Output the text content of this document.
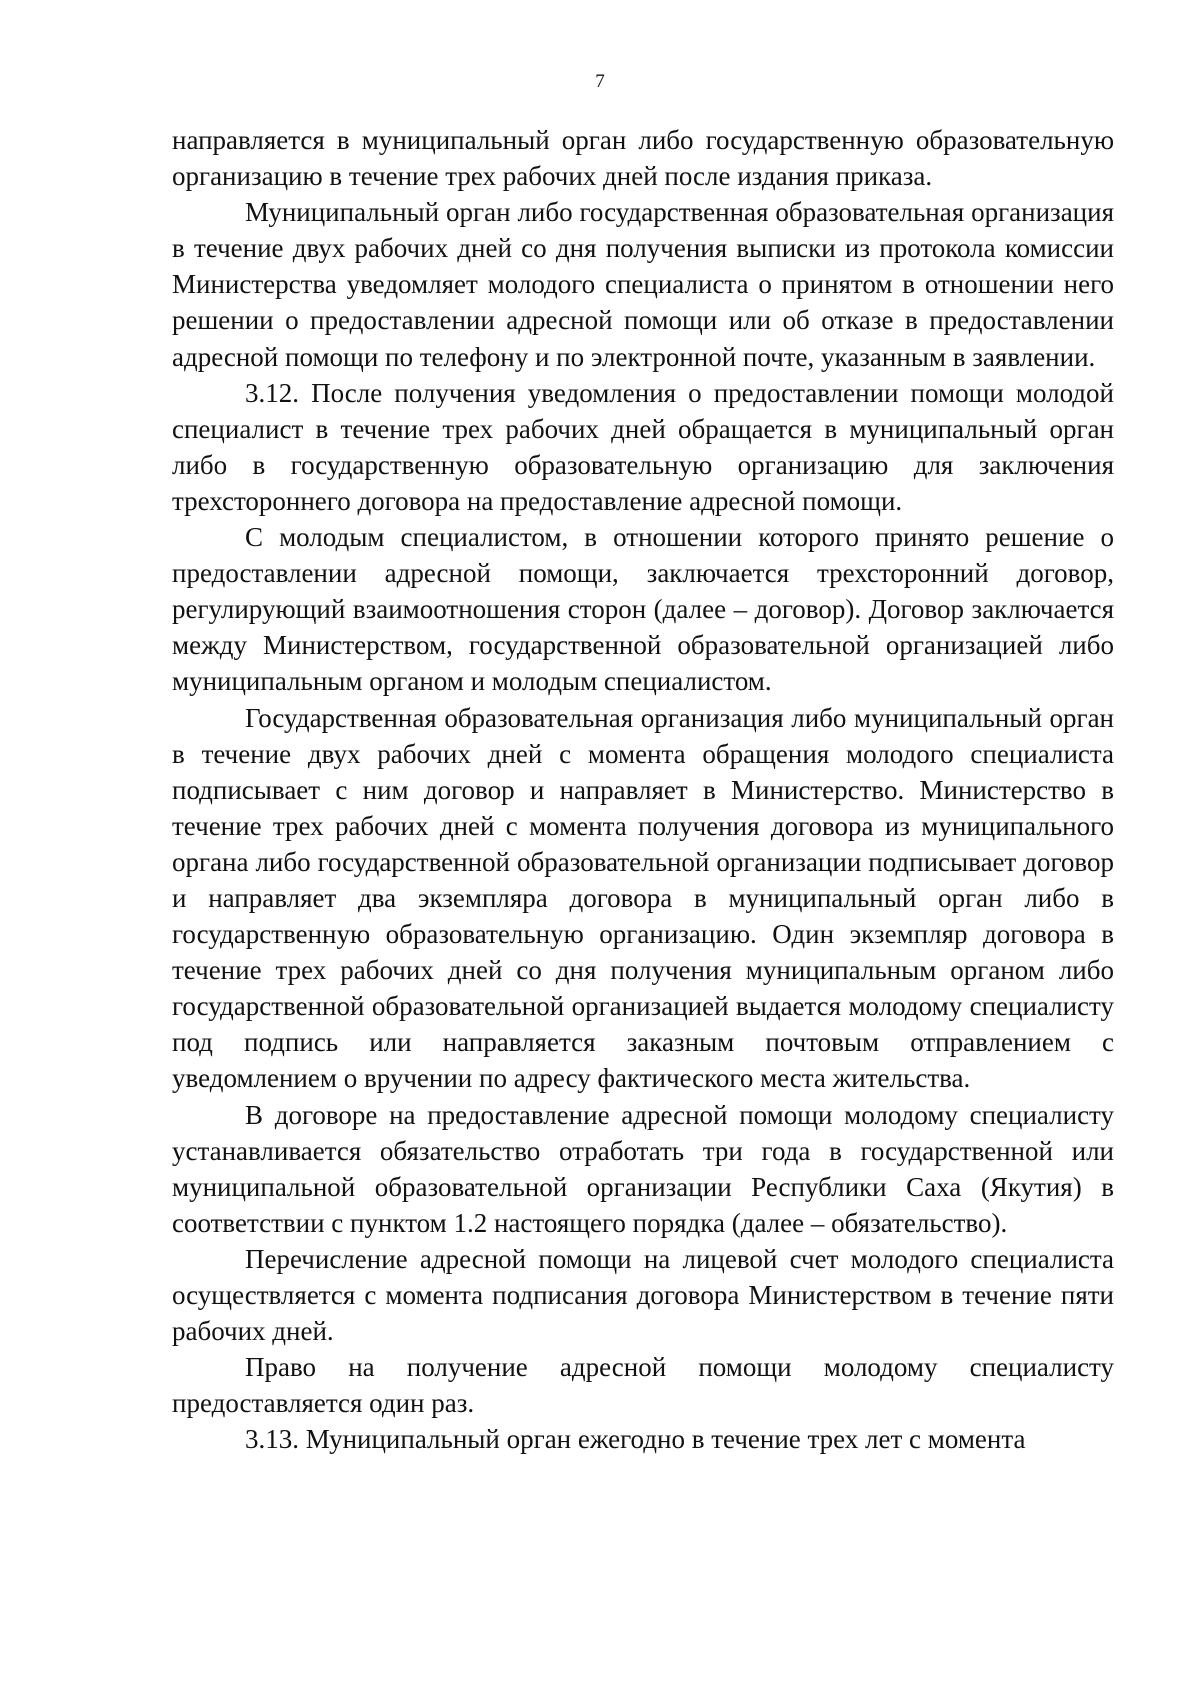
7

направляется в муниципальный орган либо государственную образовательную организацию в течение трех рабочих дней после издания приказа.

Муниципальный орган либо государственная образовательная организация в течение двух рабочих дней со дня получения выписки из протокола комиссии Министерства уведомляет молодого специалиста о принятом в отношении него решении о предоставлении адресной помощи или об отказе в предоставлении адресной помощи по телефону и по электронной почте, указанным в заявлении.

3.12. После получения уведомления о предоставлении помощи молодой специалист в течение трех рабочих дней обращается в муниципальный орган либо в государственную образовательную организацию для заключения трехстороннего договора на предоставление адресной помощи.

С молодым специалистом, в отношении которого принято решение о предоставлении адресной помощи, заключается трехсторонний договор, регулирующий взаимоотношения сторон (далее – договор). Договор заключается между Министерством, государственной образовательной организацией либо муниципальным органом и молодым специалистом.

Государственная образовательная организация либо муниципальный орган в течение двух рабочих дней с момента обращения молодого специалиста подписывает с ним договор и направляет в Министерство. Министерство в течение трех рабочих дней с момента получения договора из муниципального органа либо государственной образовательной организации подписывает договор и направляет два экземпляра договора в муниципальный орган либо в государственную образовательную организацию. Один экземпляр договора в течение трех рабочих дней со дня получения муниципальным органом либо государственной образовательной организацией выдается молодому специалисту под подпись или направляется заказным почтовым отправлением с уведомлением о вручении по адресу фактического места жительства.

В договоре на предоставление адресной помощи молодому специалисту устанавливается обязательство отработать три года в государственной или муниципальной образовательной организации Республики Саха (Якутия) в соответствии с пунктом 1.2 настоящего порядка (далее – обязательство).

Перечисление адресной помощи на лицевой счет молодого специалиста осуществляется с момента подписания договора Министерством в течение пяти рабочих дней.

Право на получение адресной помощи молодому специалисту предоставляется один раз.

3.13. Муниципальный орган ежегодно в течение трех лет с момента
